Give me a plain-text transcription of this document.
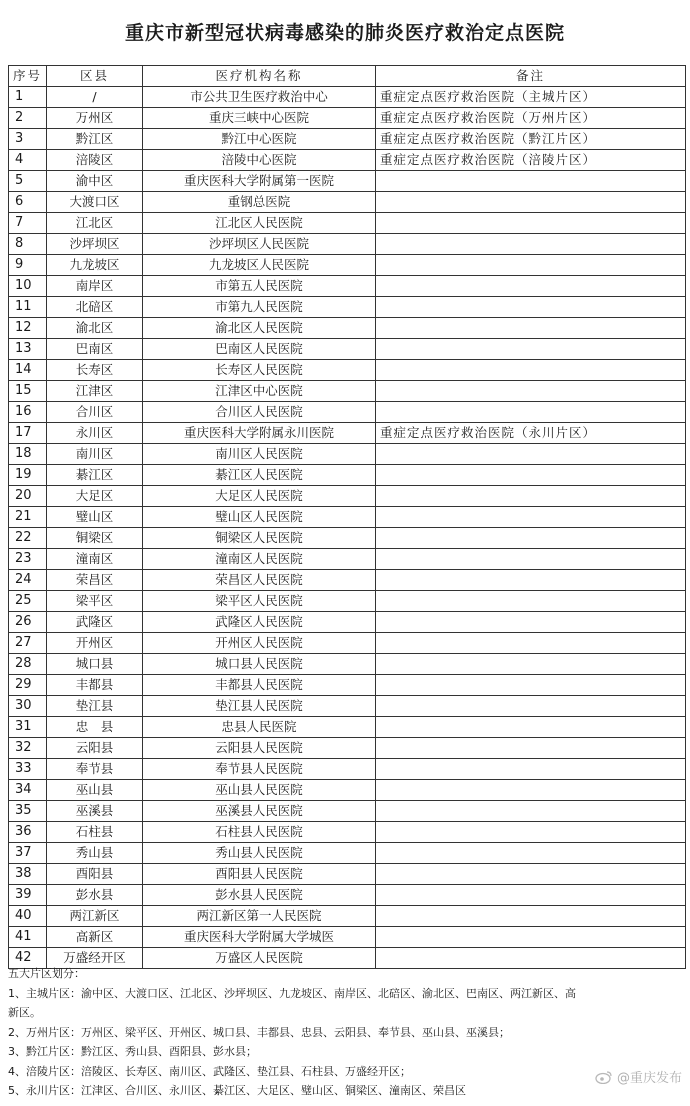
重庆市新型冠状病毒感染的肺炎医疗救治定点医院
序号	区县	医疗机构名称	备注
1	/	市公共卫生医疗救治中心	重症定点医疗救治医院（主城片区）
2	万州区	重庆三峡中心医院	重症定点医疗救治医院（万州片区）
3	黔江区	黔江中心医院	重症定点医疗救治医院（黔江片区）
4	涪陵区	涪陵中心医院	重症定点医疗救治医院（涪陵片区）
5	渝中区	重庆医科大学附属第一医院	
6	大渡口区	重钢总医院	
7	江北区	江北区人民医院	
8	沙坪坝区	沙坪坝区人民医院	
9	九龙坡区	九龙坡区人民医院	
10	南岸区	市第五人民医院	
11	北碚区	市第九人民医院	
12	渝北区	渝北区人民医院	
13	巴南区	巴南区人民医院	
14	长寿区	长寿区人民医院	
15	江津区	江津区中心医院	
16	合川区	合川区人民医院	
17	永川区	重庆医科大学附属永川医院	重症定点医疗救治医院（永川片区）
18	南川区	南川区人民医院	
19	綦江区	綦江区人民医院	
20	大足区	大足区人民医院	
21	璧山区	璧山区人民医院	
22	铜梁区	铜梁区人民医院	
23	潼南区	潼南区人民医院	
24	荣昌区	荣昌区人民医院	
25	梁平区	梁平区人民医院	
26	武隆区	武隆区人民医院	
27	开州区	开州区人民医院	
28	城口县	城口县人民医院	
29	丰都县	丰都县人民医院	
30	垫江县	垫江县人民医院	
31	忠　县	忠县人民医院	
32	云阳县	云阳县人民医院	
33	奉节县	奉节县人民医院	
34	巫山县	巫山县人民医院	
35	巫溪县	巫溪县人民医院	
36	石柱县	石柱县人民医院	
37	秀山县	秀山县人民医院	
38	酉阳县	酉阳县人民医院	
39	彭水县	彭水县人民医院	
40	两江新区	两江新区第一人民医院	
41	高新区	重庆医科大学附属大学城医	
42	万盛经开区	万盛区人民医院	
五大片区划分：
1、主城片区：渝中区、大渡口区、江北区、沙坪坝区、九龙坡区、南岸区、北碚区、渝北区、巴南区、两江新区、高
新区。
2、万州片区：万州区、梁平区、开州区、城口县、丰都县、忠县、云阳县、奉节县、巫山县、巫溪县；
3、黔江片区：黔江区、秀山县、酉阳县、彭水县；
4、涪陵片区：涪陵区、长寿区、南川区、武隆区、垫江县、石柱县、万盛经开区；
5、永川片区：江津区、合川区、永川区、綦江区、大足区、璧山区、铜梁区、潼南区、荣昌区
@重庆发布
